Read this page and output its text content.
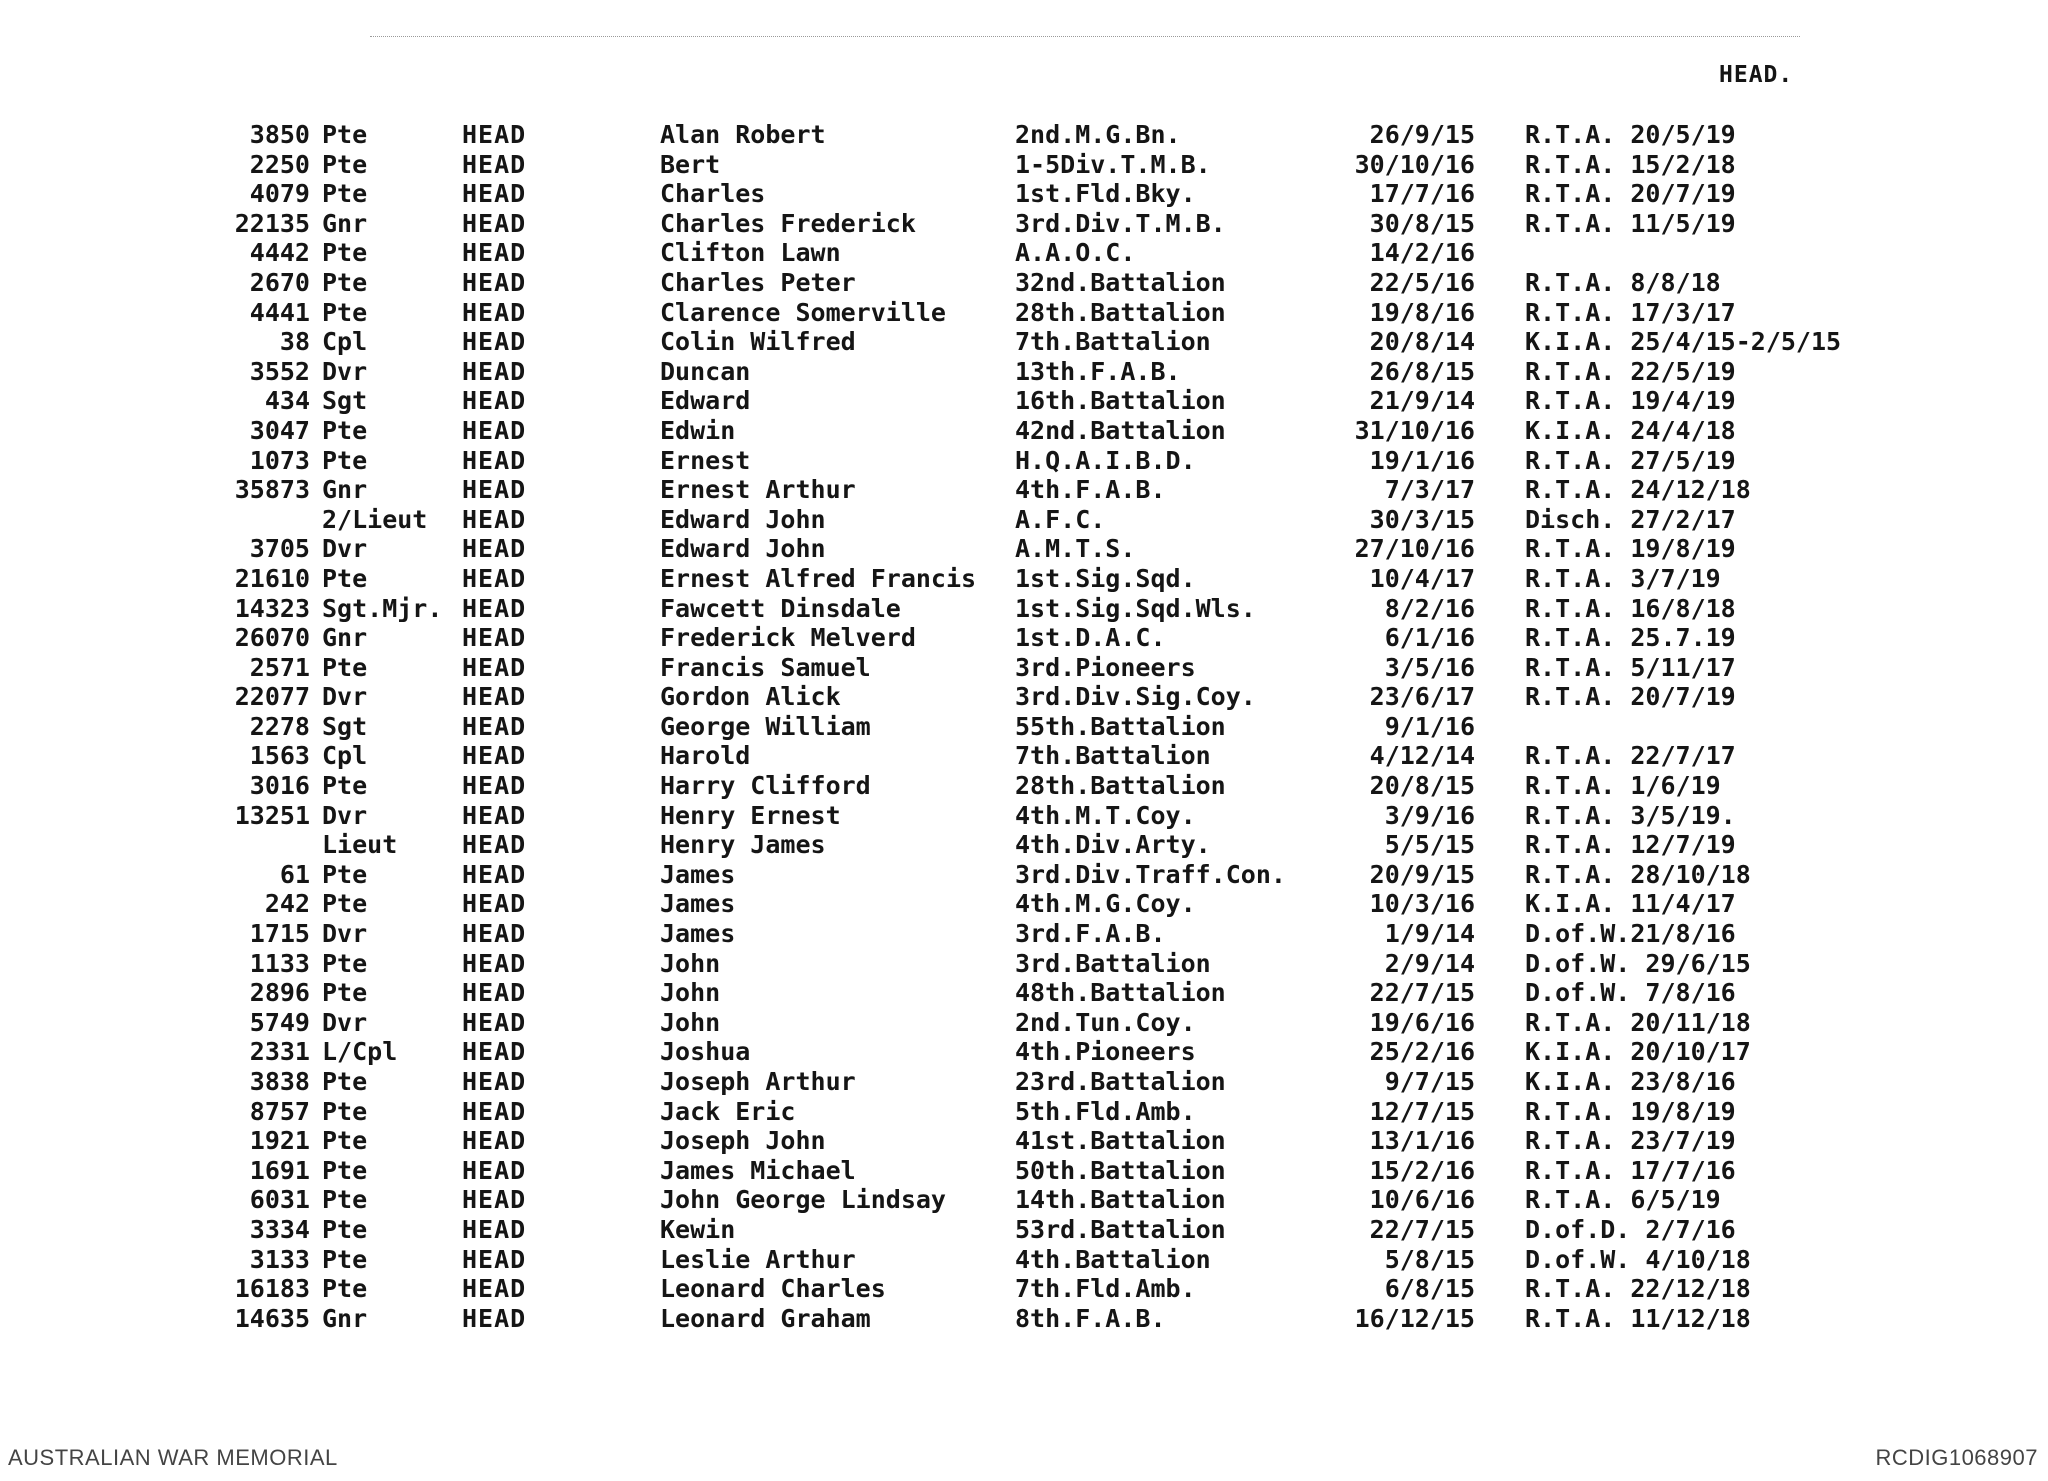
HEAD.
3850 Pte	HEAD	Alan Robert	2nd.M.G.Bn.	26/9/15 R.T.A. 20/5/19
2250 Pte	HEAD	Bert	1-5Div.T.M.B.	30/10/16 R.T.A. 15/2/18
4079 Pte	HEAD	Charles	1st.Fld.Bky.	17/7/16 R.T.A. 20/7/19
22135 Gnr	HEAD	Charles Frederick	3rd.Div.T.M.B.	30/8/15 R.T.A. 11/5/19
4442 Pte	HEAD	Clifton Lawn	A.A.O.C.	14/2/16
2670 Pte	HEAD	Charles Peter	32nd.Battalion	22/5/16 R.T.A. 8/8/18
4441 Pte	HEAD	Clarence Somerville	28th.Battalion	19/8/16 R.T.A. 17/3/17
38 Cpl	HEAD	Colin Wilfred	7th.Battalion	20/8/14 K.I.A. 25/4/15-2/5/15
3552 Dvr	HEAD	Duncan	13th.F.A.B.	26/8/15 R.T.A. 22/5/19
434 Sgt	HEAD	Edward	16th.Battalion	21/9/14 R.T.A. 19/4/19
3047 Pte	HEAD	Edwin	42nd.Battalion	31/10/16 K.I.A. 24/4/18
1073 Pte	HEAD	Ernest	H.Q.A.I.B.D.	19/1/16 R.T.A. 27/5/19
35873 Gnr	HEAD	Ernest Arthur	4th.F.A.B.	7/3/17 R.T.A. 24/12/18
2/Lieut HEAD	Edward John	A.F.C.	30/3/15 Disch. 27/2/17
3705 Dvr	HEAD	Edward John	A.M.T.S.	27/10/16 R.T.A. 19/8/19
21610 Pte	HEAD	Ernest Alfred Francis 1st.Sig.Sqd.	10/4/17 R.T.A. 3/7/19
14323 Sgt.Mjr. HEAD	Fawcett Dinsdale	1st.Sig.Sqd.Wls.	8/2/16 R.T.A. 16/8/18
26070 Gnr	HEAD	Frederick Melverd	1st.D.A.C.	6/1/16 R.T.A. 25.7.19
2571 Pte	HEAD	Francis Samuel	3rd.Pioneers	3/5/16 R.T.A. 5/11/17
22077 Dvr	HEAD	Gordon Alick	3rd.Div.Sig.Coy.	23/6/17 R.T.A. 20/7/19
2278 Sgt	HEAD	George William	55th.Battalion	9/1/16
1563 Cpl	HEAD	Harold	7th.Battalion	4/12/14 R.T.A. 22/7/17
3016 Pte	HEAD	Harry Clifford	28th.Battalion	20/8/15 R.T.A. 1/6/19
13251 Dvr	HEAD	Henry Ernest	4th.M.T.Coy.	3/9/16 R.T.A. 3/5/19.
Lieut	HEAD	Henry James	4th.Div.Arty.	5/5/15 R.T.A. 12/7/19
61 Pte	HEAD	James	3rd.Div.Traff.Con.	20/9/15 R.T.A. 28/10/18
242 Pte	HEAD	James	4th.M.G.Coy.	10/3/16 K.I.A. 11/4/17
1715 Dvr	HEAD	James	3rd.F.A.B.	1/9/14 D.of.W.21/8/16
1133 Pte	HEAD	John	3rd.Battalion	2/9/14 D.of.W. 29/6/15
2896 Pte	HEAD	John	48th.Battalion	22/7/15 D.of.W. 7/8/16
5749 Dvr	HEAD	John	2nd.Tun.Coy.	19/6/16 R.T.A. 20/11/18
2331 L/Cpl	HEAD	Joshua	4th.Pioneers	25/2/16 K.I.A. 20/10/17
3838 Pte	HEAD	Joseph Arthur	23rd.Battalion	9/7/15 K.I.A. 23/8/16
8757 Pte	HEAD	Jack Eric	5th.Fld.Amb.	12/7/15 R.T.A. 19/8/19
1921 Pte	HEAD	Joseph John	41st.Battalion	13/1/16 R.T.A. 23/7/19
1691 Pte	HEAD	James Michael	50th.Battalion	15/2/16 R.T.A. 17/7/16
6031 Pte	HEAD	John George Lindsay	14th.Battalion	10/6/16 R.T.A. 6/5/19
3334 Pte	HEAD	Kewin	53rd.Battalion	22/7/15 D.of.D. 2/7/16
3133 Pte	HEAD	Leslie Arthur	4th.Battalion	5/8/15 D.of.W. 4/10/18
16183 Pte	HEAD	Leonard Charles	7th.Fld.Amb.	6/8/15 R.T.A. 22/12/18
14635 Gnr	HEAD	Leonard Graham	8th.F.A.B.	16/12/15 R.T.A. 11/12/18
AUSTRALIAN WAR MEMORIAL	RCDIG1068907
